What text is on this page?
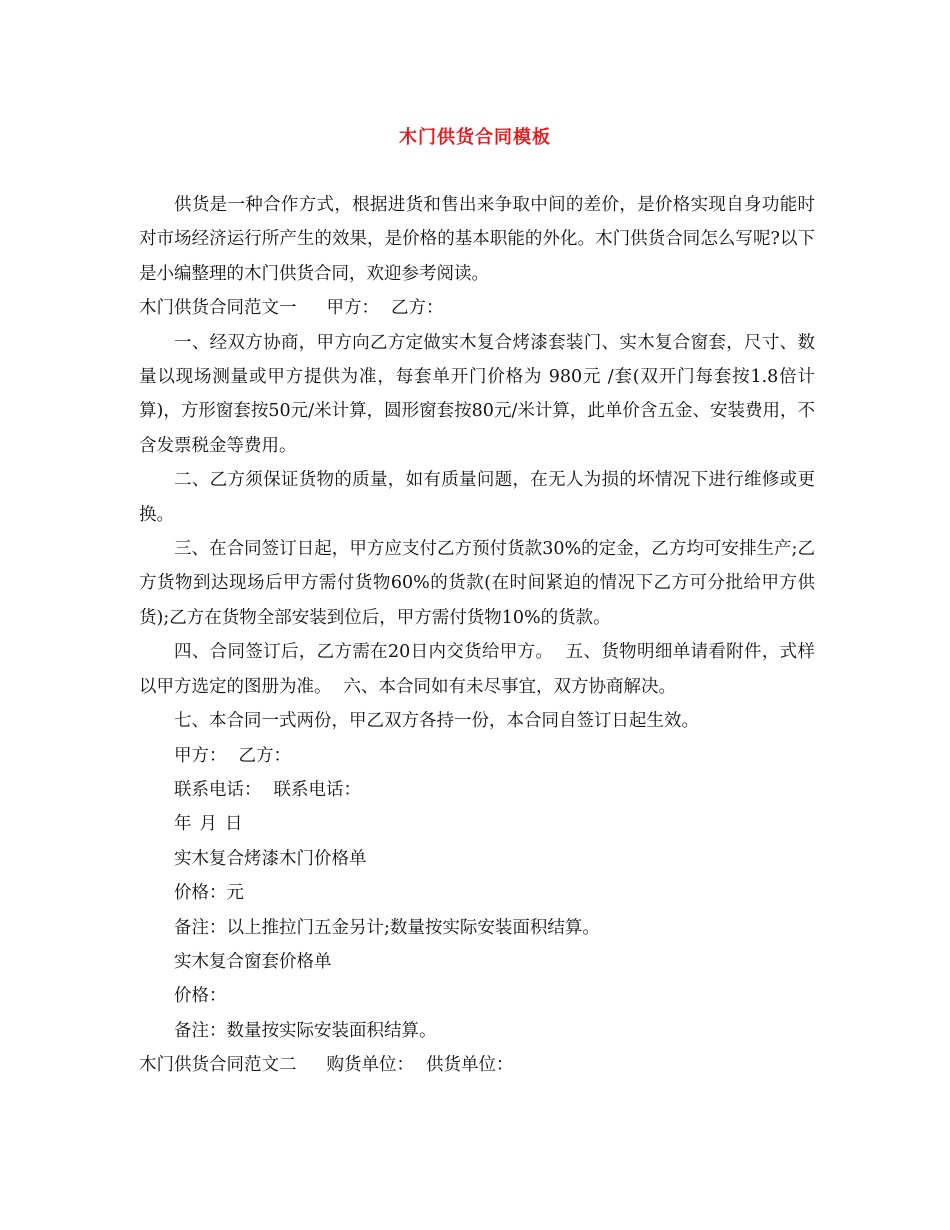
木门供货合同模板

供货是一种合作方式，根据进货和售出来争取中间的差价，是价格实现自身功能时对市场经济运行所产生的效果，是价格的基本职能的外化。木门供货合同怎么写呢?以下是小编整理的木门供货合同，欢迎参考阅读。

木门供货合同范文一 甲方： 乙方：

一、经双方协商，甲方向乙方定做实木复合烤漆套装门、实木复合窗套，尺寸、数量以现场测量或甲方提供为准，每套单开门价格为 980元 /套(双开门每套按1.8倍计算)，方形窗套按50元/米计算，圆形窗套按80元/米计算，此单价含五金、安装费用，不含发票税金等费用。

二、乙方须保证货物的质量，如有质量问题，在无人为损的坏情况下进行维修或更换。

三、在合同签订日起，甲方应支付乙方预付货款30%的定金，乙方均可安排生产;乙方货物到达现场后甲方需付货物60%的货款(在时间紧迫的情况下乙方可分批给甲方供货);乙方在货物全部安装到位后，甲方需付货物10%的货款。

四、合同签订后，乙方需在20日内交货给甲方。 五、货物明细单请看附件，式样以甲方选定的图册为准。 六、本合同如有未尽事宜，双方协商解决。

七、本合同一式两份，甲乙双方各持一份，本合同自签订日起生效。

甲方： 乙方：

联系电话： 联系电话：

年 月 日

实木复合烤漆木门价格单

价格：元

备注：以上推拉门五金另计;数量按实际安装面积结算。

实木复合窗套价格单

价格：

备注：数量按实际安装面积结算。

木门供货合同范文二 购货单位： 供货单位：
